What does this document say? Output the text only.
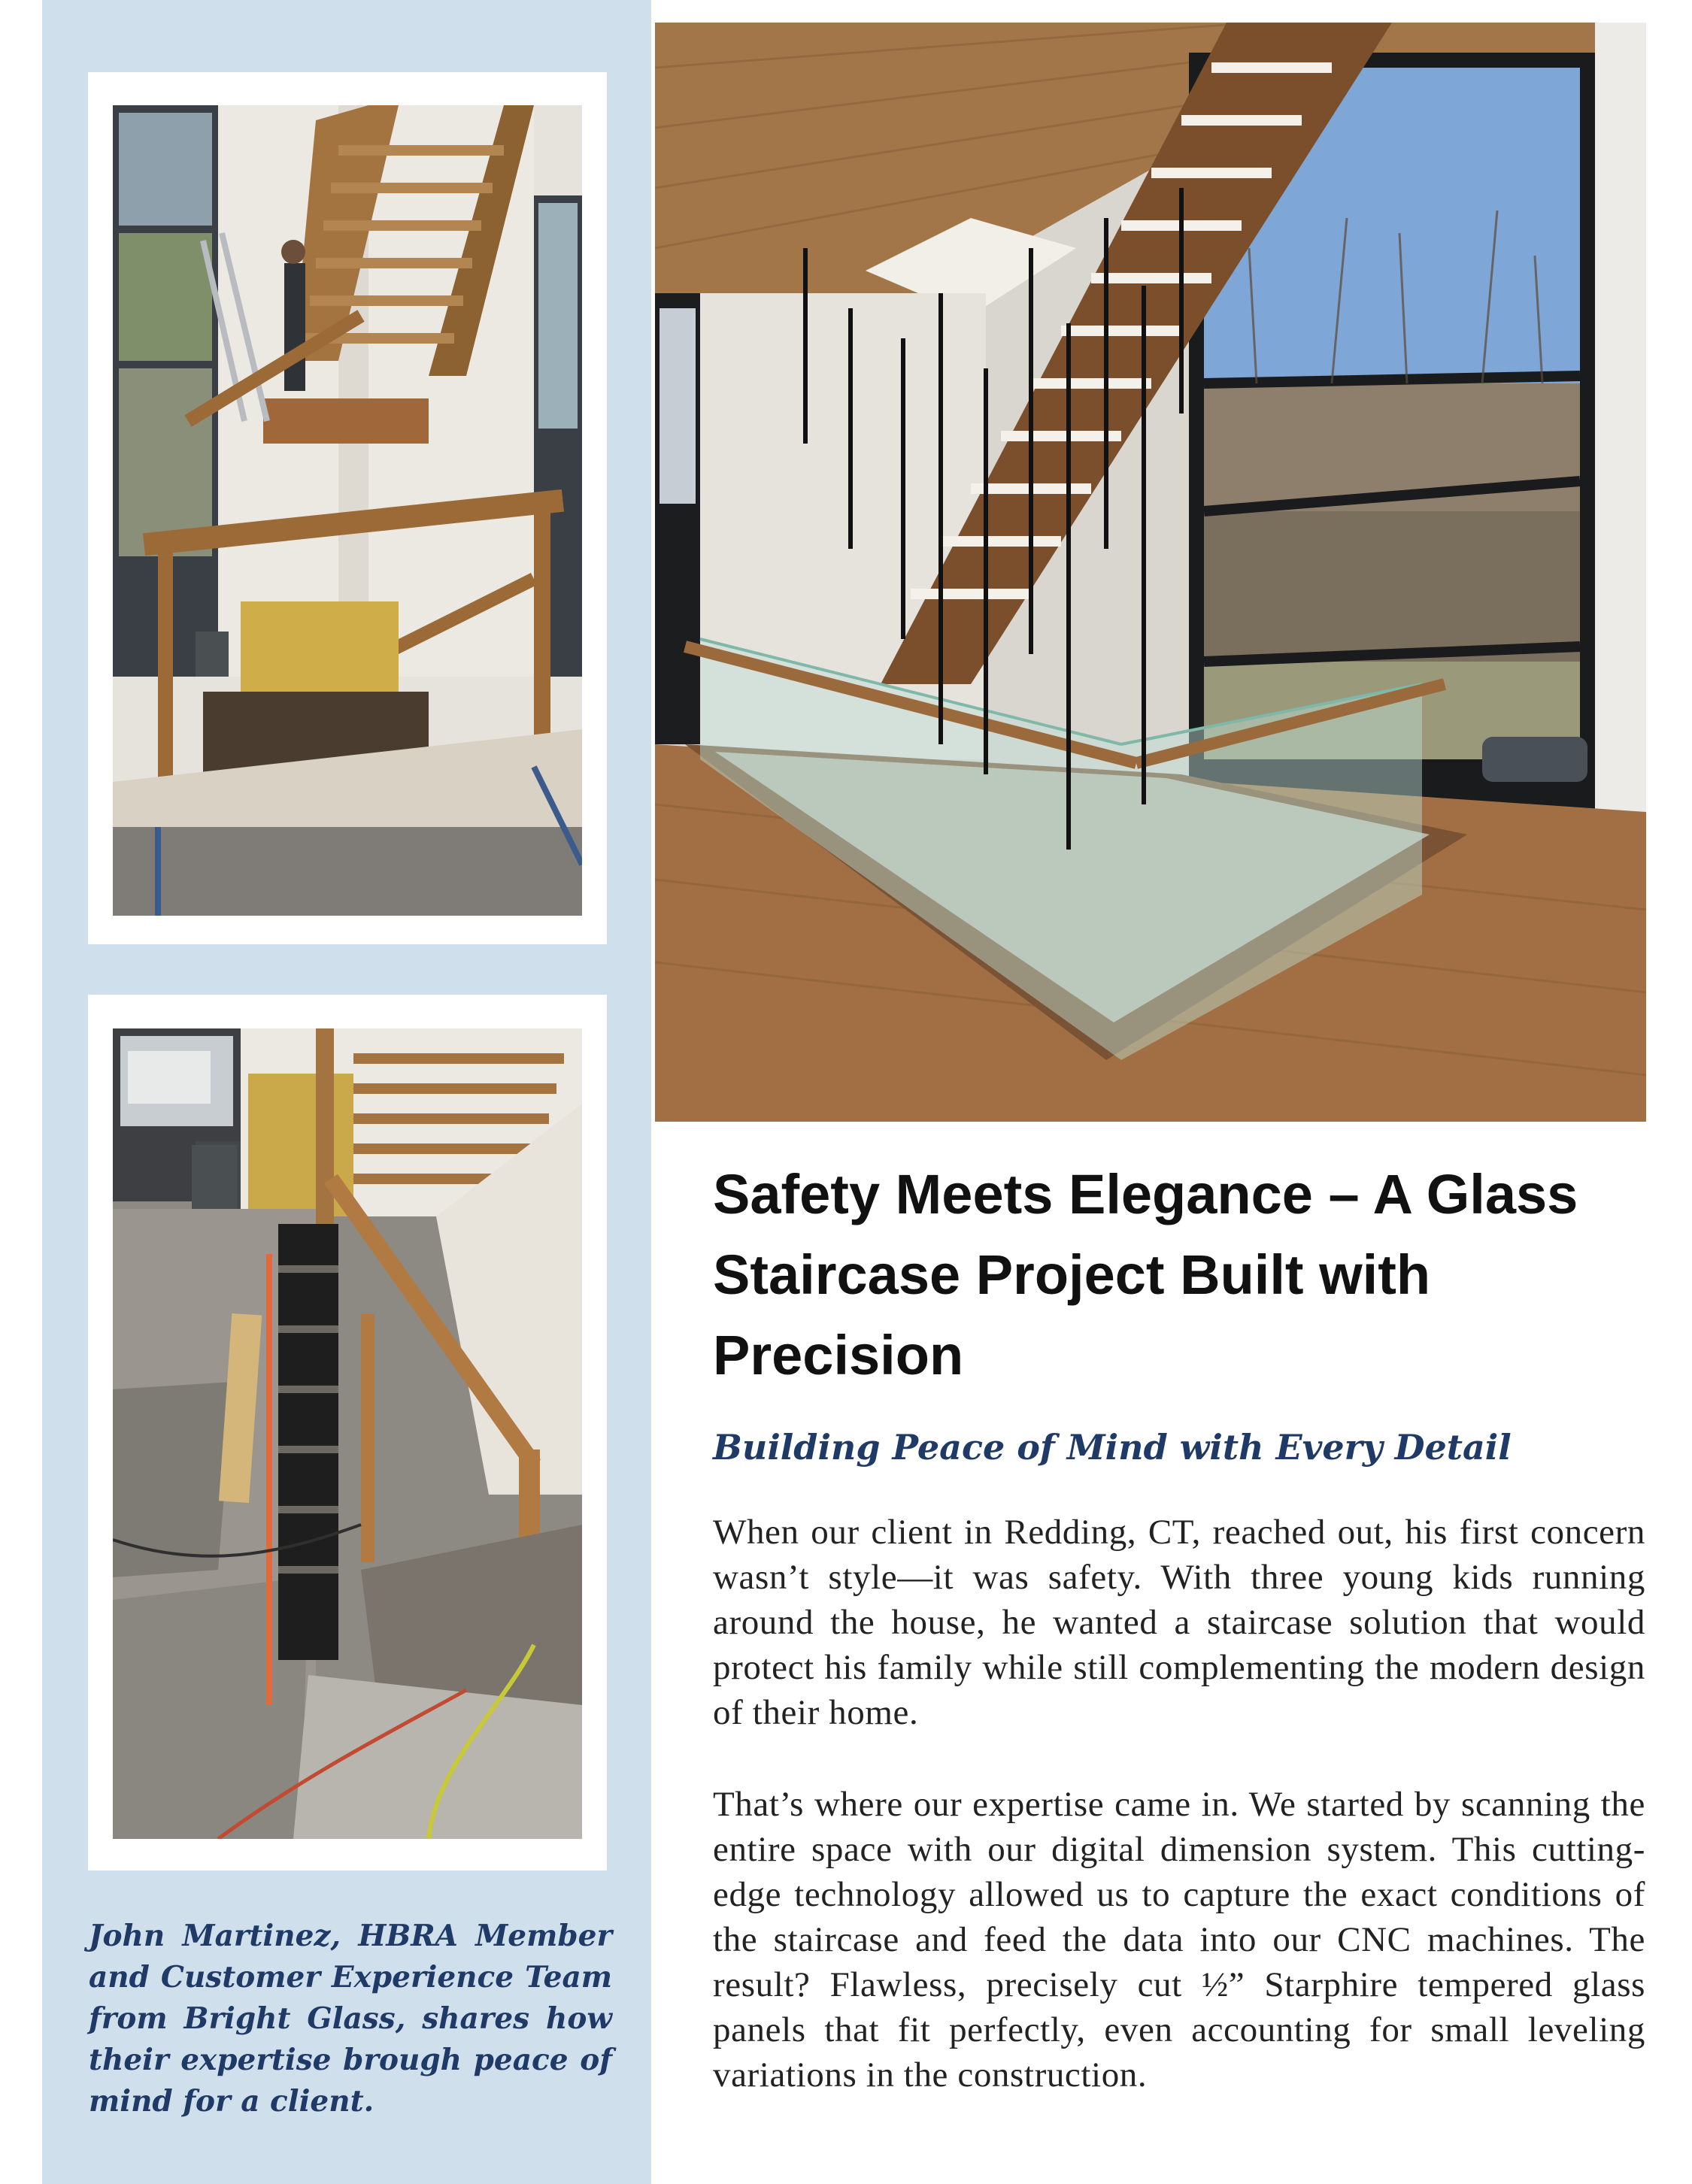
John Martinez, HBRA Member and Customer Experience Team from Bright Glass, shares how their expertise brough peace of mind for a client.

Safety Meets Elegance – A Glass Staircase Project Built with Precision
Building Peace of Mind with Every Detail

When our client in Redding, CT, reached out, his first concern wasn’t style—it was safety. With three young kids running around the house, he wanted a staircase solution that would protect his family while still complementing the modern design of their home.

That’s where our expertise came in. We started by scanning the entire space with our digital dimension system. This cutting-edge technology allowed us to capture the exact conditions of the staircase and feed the data into our CNC machines. The result? Flawless, precisely cut ½” Starphire tempered glass panels that fit perfectly, even accounting for small leveling variations in the construction.
